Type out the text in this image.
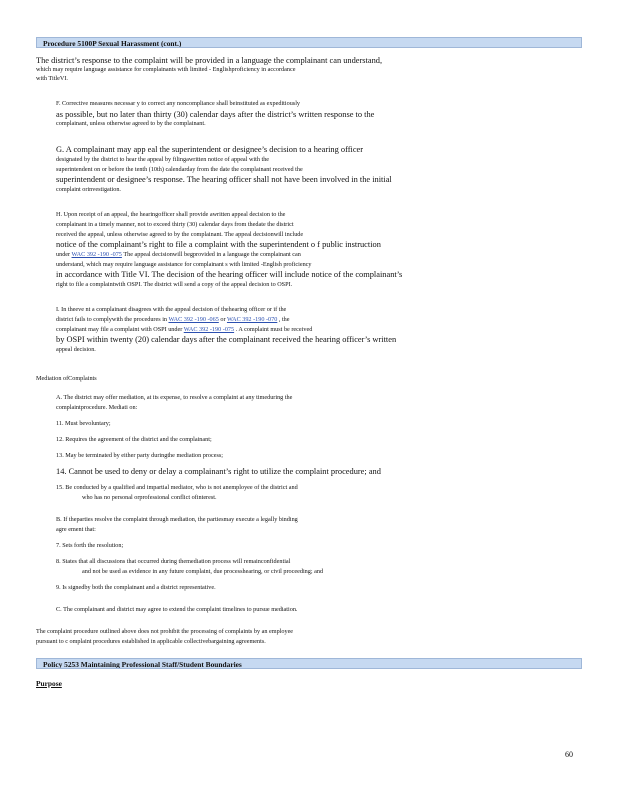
Procedure 5100P Sexual Harassment (cont.)
The district’s response to the complaint will be provided in a language the complainant can understand,
which may require language assistance for complainants with limited - Englishproficiency in accordance
with TitleVI.
F. Corrective measures necessar y to correct any noncompliance shall beinstituted as expeditiously
as possible, but no later than thirty (30) calendar days after the district’s written response to the
complainant, unless otherwise agreed to by the complainant.
G. A complainant may app eal the superintendent or designee’s decision to a hearing officer
designated by the district to hear the appeal by filingawritten notice of appeal with the
superintendent on or before the tenth (10th) calendarday from the date the complainant received the
superintendent or designee’s response. The hearing officer shall not have been involved in the initial
complaint orinvestigation.
H. Upon receipt of an appeal, the hearingofficer shall provide awritten appeal decision to the
complainant in a timely manner, not to exceed thirty (30) calendar days from thedate the district
received the appeal, unless otherwise agreed to by the complainant. The appeal decisionwill include
notice of the complainant’s right to file a complaint with the superintendent o f public instruction
under WAC 392 -190 -075 The appeal decisionwill begprovided in a language the complainant can
understand, which may require language assistance for complainant s with limited -English proficiency
in accordance with Title VI. The decision of the hearing officer will include notice of the complainant’s
right to file a complaintwith OSPI. The district will send a copy of the appeal decision to OSPI.
I. In theeve nt a complainant disagrees with the appeal decision of thehearing officer or if the
district fails to complywith the procedures in WAC 392 -190 -065 or WAC 392 -190 -070 , the
complainant may file a complaint with OSPI under WAC 392 -190 -075 . A complaint must be received
by OSPI within twenty (20) calendar days after the complainant received the hearing officer’s written
appeal decision.
Mediation ofComplaints
A. The district may offer mediation, at its expense, to resolve a complaint at any timeduring the
complaintprocedure. Mediati on:
11. Must bevoluntary;
12. Requires the agreement of the district and the complainant;
13. May be terminated by either party duringthe mediation process;
14. Cannot be used to deny or delay a complainant’s right to utilize the complaint procedure; and
15. Be conducted by a qualified and impartial mediator, who is not anemployee of the district and
who has no personal orprofessional conflict ofinterest.
B. If theparties resolve the complaint through mediation, the partiesmay execute a legally binding
agre ement that:
7. Sets forth the resolution;
8. States that all discussions that occurred during themediation process will remainconfidential
and not be used as evidence in any future complaint, due processhearing, or civil proceeding; and
9. Is signedby both the complainant and a district representative.
C. The complainant and district may agree to extend the complaint timelines to pursue mediation.
The complaint procedure outlined above does not prohibit the processing of complaints by an employee
pursuant to c omplaint procedures established in applicable collectivebargaining agreements.
Policy 5253 Maintaining Professional Staff/Student Boundaries
Purpose
60
